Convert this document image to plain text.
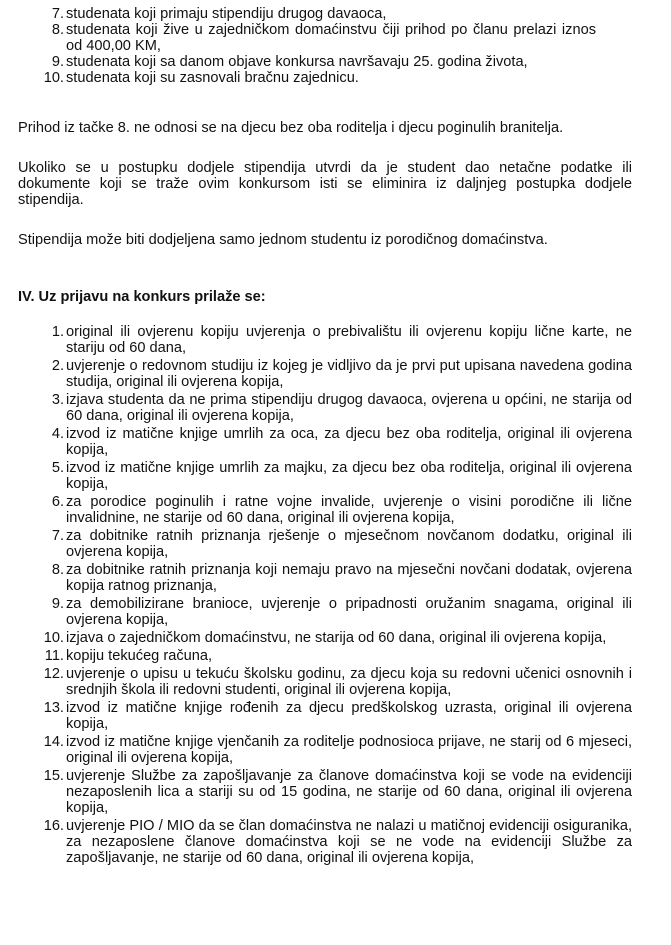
7. studenata koji primaju stipendiju drugog davaoca,
8. studenata koji žive u zajedničkom domaćinstvu čiji prihod po članu prelazi iznos od 400,00 KM,
9. studenata koji sa danom objave konkursa navršavaju 25. godina života,
10. studenata koji su zasnovali bračnu zajednicu.

Prihod iz tačke 8. ne odnosi se na djecu bez oba roditelja i djecu poginulih branitelja.

Ukoliko se u postupku dodjele stipendija utvrdi da je student dao netačne podatke ili dokumente koji se traže ovim konkursom isti se eliminira iz daljnjeg postupka dodjele stipendija.

Stipendija može biti dodjeljena samo jednom studentu iz porodičnog domaćinstva.

IV. Uz prijavu na konkurs prilaže se:
1. original ili ovjerenu kopiju uvjerenja o prebivalištu ili ovjerenu kopiju lične karte, ne stariju od 60 dana,
2. uvjerenje o redovnom studiju iz kojeg je vidljivo da je prvi put upisana navedena godina studija, original ili ovjerena kopija,
3. izjava studenta da ne prima stipendiju drugog davaoca, ovjerena u općini, ne starija od 60 dana, original ili ovjerena kopija,
4. izvod iz matične knjige umrlih za oca, za djecu bez oba roditelja, original ili ovjerena kopija,
5. izvod iz matične knjige umrlih za majku, za djecu bez oba roditelja, original ili ovjerena kopija,
6. za porodice poginulih i ratne vojne invalide, uvjerenje o visini porodične ili lične invalidnine, ne starije od 60 dana, original ili ovjerena kopija,
7. za dobitnike ratnih priznanja rješenje o mjesečnom novčanom dodatku, original ili ovjerena kopija,
8. za dobitnike ratnih priznanja koji nemaju pravo na mjesečni novčani dodatak, ovjerena kopija ratnog priznanja,
9. za demobilizirane branioce, uvjerenje o pripadnosti oružanim snagama, original ili ovjerena kopija,
10. izjava o zajedničkom domaćinstvu, ne starija od 60 dana, original ili ovjerena kopija,
11. kopiju tekućeg računa,
12. uvjerenje o upisu u tekuću školsku godinu, za djecu koja su redovni učenici osnovnih i srednjih škola ili redovni studenti, original ili ovjerena kopija,
13. izvod iz matične knjige rođenih za djecu predškolskog uzrasta, original ili ovjerena kopija,
14. izvod iz matične knjige vjenčanih za roditelje podnosioca prijave, ne starij od 6 mjeseci, original ili ovjerena kopija,
15. uvjerenje Službe za zapošljavanje za članove domaćinstva koji se vode na evidenciji nezaposlenih lica a stariji su od 15 godina, ne starije od 60 dana, original ili ovjerena kopija,
16. uvjerenje PIO / MIO da se član domaćinstva ne nalazi u matičnoj evidenciji osiguranika, za nezaposlene članove domaćinstva koji se ne vode na evidenciji Službe za zapošljavanje, ne starije od 60 dana, original ili ovjerena kopija,
